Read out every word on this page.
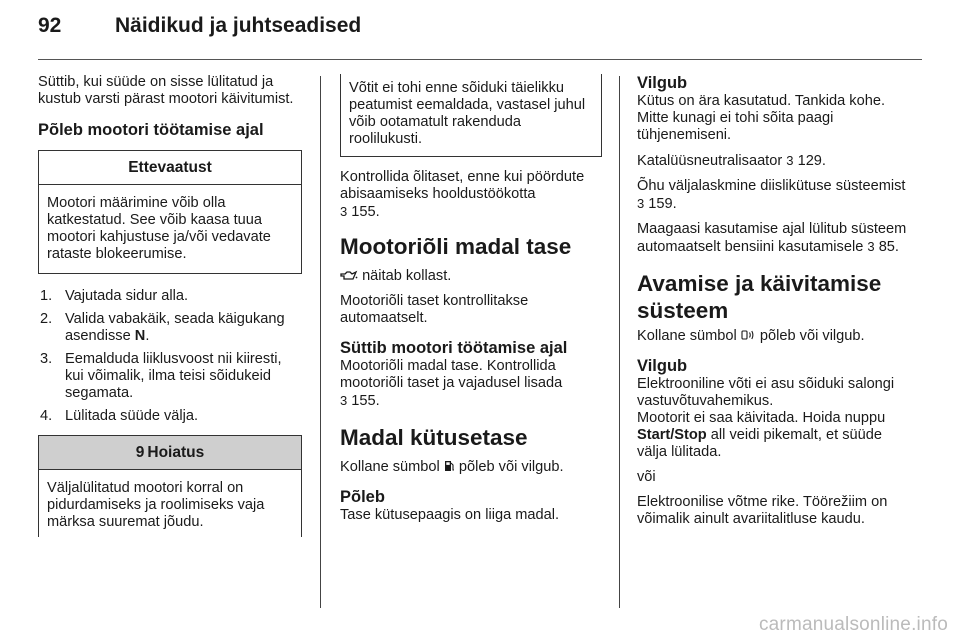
92	Näidikud ja juhtseadised

Süttib, kui süüde on sisse lülitatud ja kustub varsti pärast mootori käivitumist.

Põleb mootori töötamise ajal
Ettevaatust
Mootori määrimine võib olla katkestatud. See võib kaasa tuua mootori kahjustuse ja/või vedavate rataste blokeerumise.
1. Vajutada sidur alla.
2. Valida vabakäik, seada käigukang asendisse N.
3. Eemalduda liiklusvoost nii kiiresti, kui võimalik, ilma teisi sõidukeid segamata.
4. Lülitada süüde välja.
9 Hoiatus
Väljalülitatud mootori korral on pidurdamiseks ja roolimiseks vaja märksa suuremat jõudu.
Võtit ei tohi enne sõiduki täielikku peatumist eemaldada, vastasel juhul võib ootamatult rakenduda roolilukusti.

Kontrollida õlitaset, enne kui pöördute abisaamiseks hooldustöökotta
3 155.

Mootoriõli madal tase

näitab kollast.

Mootoriõli taset kontrollitakse automaatselt.

Süttib mootori töötamise ajal

Mootoriõli madal tase. Kontrollida mootoriõli taset ja vajadusel lisada
3 155.

Madal kütusetase

Kollane sümbol põleb või vilgub.

Põleb

Tase kütusepaagis on liiga madal.

Vilgub

Kütus on ära kasutatud. Tankida kohe. Mitte kunagi ei tohi sõita paagi tühjenemiseni.

Katalüüsneutralisaator 3 129.

Õhu väljalaskmine diislikütuse süsteemist 3 159.

Maagaasi kasutamise ajal lülitub süsteem automaatselt bensiini kasutamisele 3 85.

Avamise ja käivitamise süsteem

Kollane sümbol põleb või vilgub.

Vilgub

Elektrooniline võti ei asu sõiduki salongi vastuvõtuvahemikus.

Mootorit ei saa käivitada. Hoida nuppu Start/Stop all veidi pikemalt, et süüde välja lülitada.

või

Elektroonilise võtme rike. Töörežiim on võimalik ainult avariitalitluse kaudu.

carmanualsonline.info
